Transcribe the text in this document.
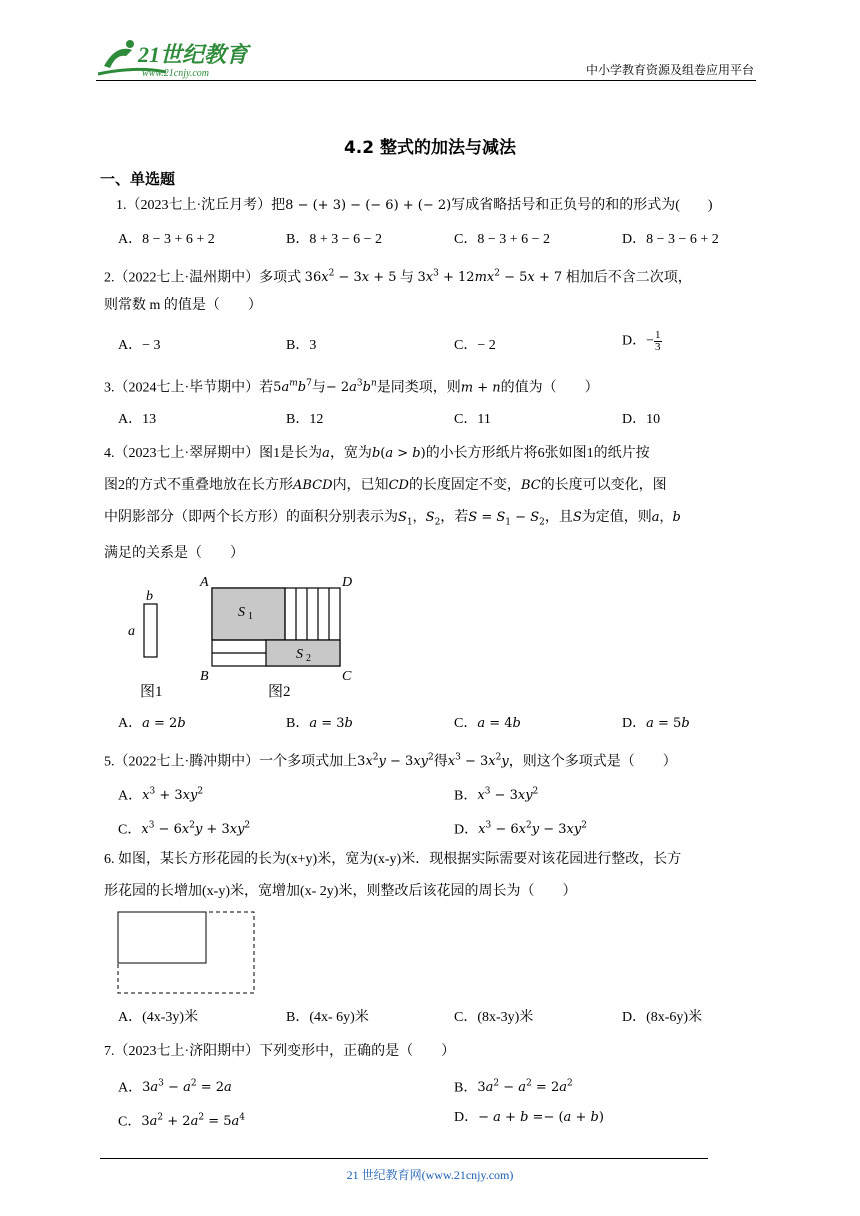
21世纪教育
www.21cnjy.com	中小学教育资源及组卷应用平台
4.2 整式的加法与减法
一、单选题
1.（2023七上·沈丘月考）把8 − (+ 3) − (− 6) + (− 2)写成省略括号和正负号的和的形式为(　　)
A．8 − 3 + 6 + 2	B．8 + 3 − 6 − 2	C．8 − 3 + 6 − 2	D．8 − 3 − 6 + 2
2.（2022七上·温州期中）多项式 $36x^2 - 3x + 5$ 与 $3x^3 + 12mx^2 - 5x + 7$ 相加后不含二次项，
则常数 m 的值是（　　）
A．− 3	B．3	C．− 2	D．− $\frac{1}{3}$
3.（2024七上·毕节期中）若$5a^mb^7$与− $2a^3b^n$是同类项，则m + n的值为（　　）
A．13	B．12	C．11	D．10
4.（2023七上·翠屏期中）图1是长为a，宽为b(a > b)的小长方形纸片将6张如图1的纸片按
图2的方式不重叠地放在长方形ABCD内，已知CD的长度固定不变，BC的长度可以变化，图
中阴影部分（即两个长方形）的面积分别表示为$S_1$，$S_2$，若$S = S_1 - S_2$，且S为定值，则a，b
满足的关系是（　　）
b
a
图1
A	D
B	C
S 1
S 2
图2
A．a = 2b	B．a = 3b	C．a = 4b	D．a = 5b
5.（2022七上·腾冲期中）一个多项式加上$3x^2y - 3xy^2$得$x^3 - 3x^2y$，则这个多项式是（　　）
A．$x^3 + 3xy^2$	B．$x^3 - 3xy^2$
C．$x^3 - 6x^2y + 3xy^2$	D．$x^3 - 6x^2y - 3xy^2$
6. 如图，某长方形花园的长为(x+y)米，宽为(x-y)米．现根据实际需要对该花园进行整改，长方
形花园的长增加(x-y)米，宽增加(x- 2y)米，则整改后该花园的周长为（　　）
A．(4x-3y)米	B．(4x- 6y)米	C．(8x-3y)米	D．(8x-6y)米
7.（2023七上·济阳期中）下列变形中，正确的是（　　）
A．$3a^3 - a^2 = 2a$	B．$3a^2 - a^2 = 2a^2$
C．$3a^2 + 2a^2 = 5a^4$	D．− a + b =− (a + b)
21 世纪教育网(www.21cnjy.com)
